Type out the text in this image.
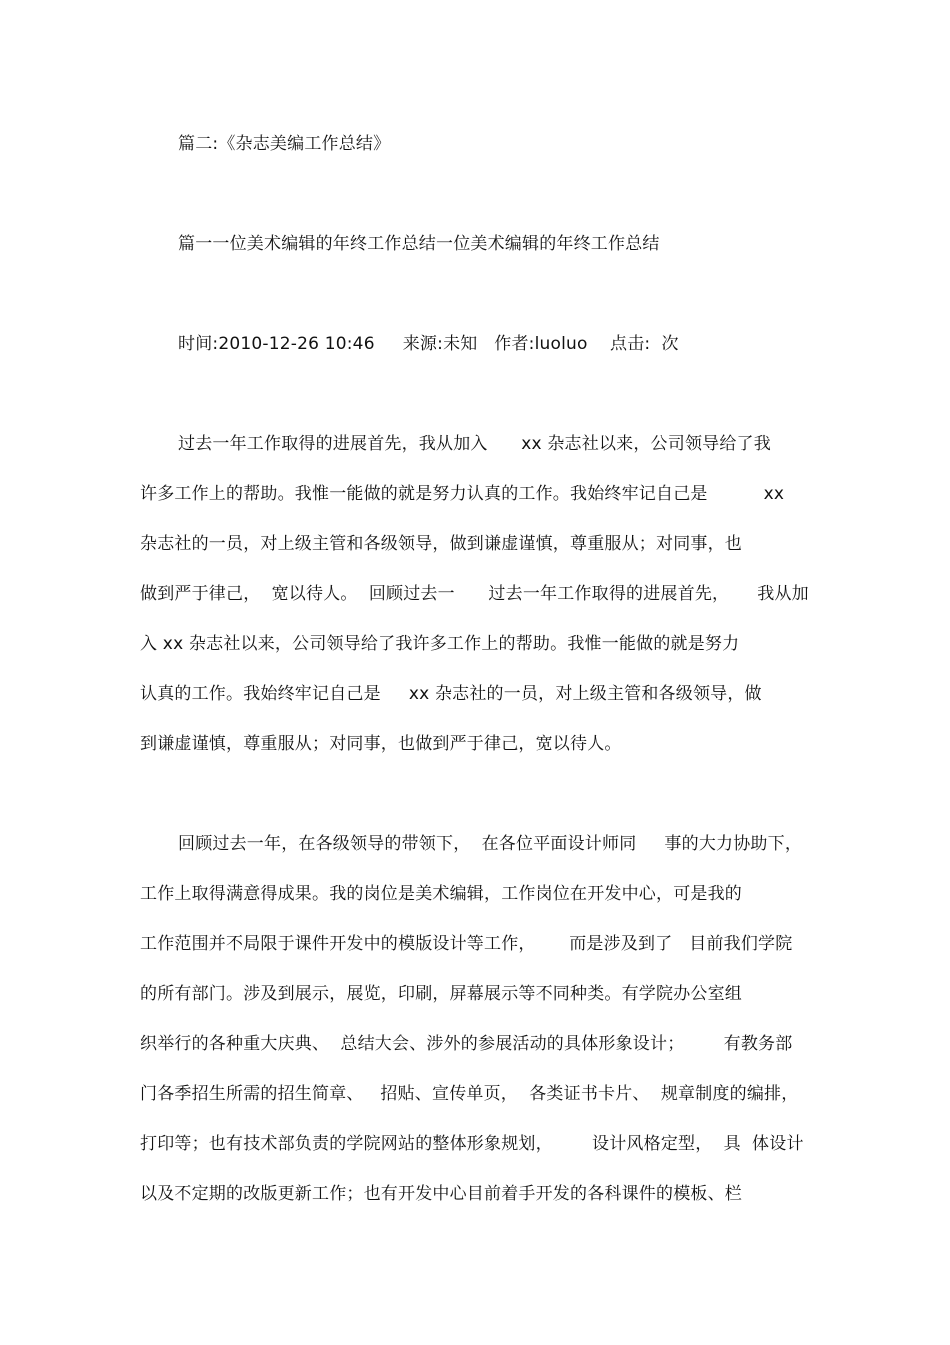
篇二:《杂志美编工作总结》
篇一一位美术编辑的年终工作总结一位美术编辑的年终工作总结
时间:2010-12-26 10:46     来源:未知   作者:luoluo    点击:  次
过去一年工作取得的进展首先，我从加入      xx 杂志社以来，公司领导给了我
许多工作上的帮助。我惟一能做的就是努力认真的工作。我始终牢记自己是          xx
杂志社的一员，对上级主管和各级领导，做到谦虚谨慎，尊重服从；对同事，也
做到严于律己，  宽以待人。  回顾过去一      过去一年工作取得的进展首先，     我从加
入 xx 杂志社以来，公司领导给了我许多工作上的帮助。我惟一能做的就是努力
认真的工作。我始终牢记自己是     xx 杂志社的一员，对上级主管和各级领导，做
到谦虚谨慎，尊重服从；对同事，也做到严于律己，宽以待人。
回顾过去一年，在各级领导的带领下，  在各位平面设计师同     事的大力协助下，
工作上取得满意得成果。我的岗位是美术编辑，工作岗位在开发中心，可是我的
工作范围并不局限于课件开发中的模版设计等工作，      而是涉及到了   目前我们学院
的所有部门。涉及到展示，展览，印刷，屏幕展示等不同种类。有学院办公室组
织举行的各种重大庆典、  总结大会、涉外的参展活动的具体形象设计；       有教务部
门各季招生所需的招生简章、   招贴、宣传单页，  各类证书卡片、  规章制度的编排，
打印等；也有技术部负责的学院网站的整体形象规划，       设计风格定型，  具  体设计
以及不定期的改版更新工作；也有开发中心目前着手开发的各科课件的模板、栏
